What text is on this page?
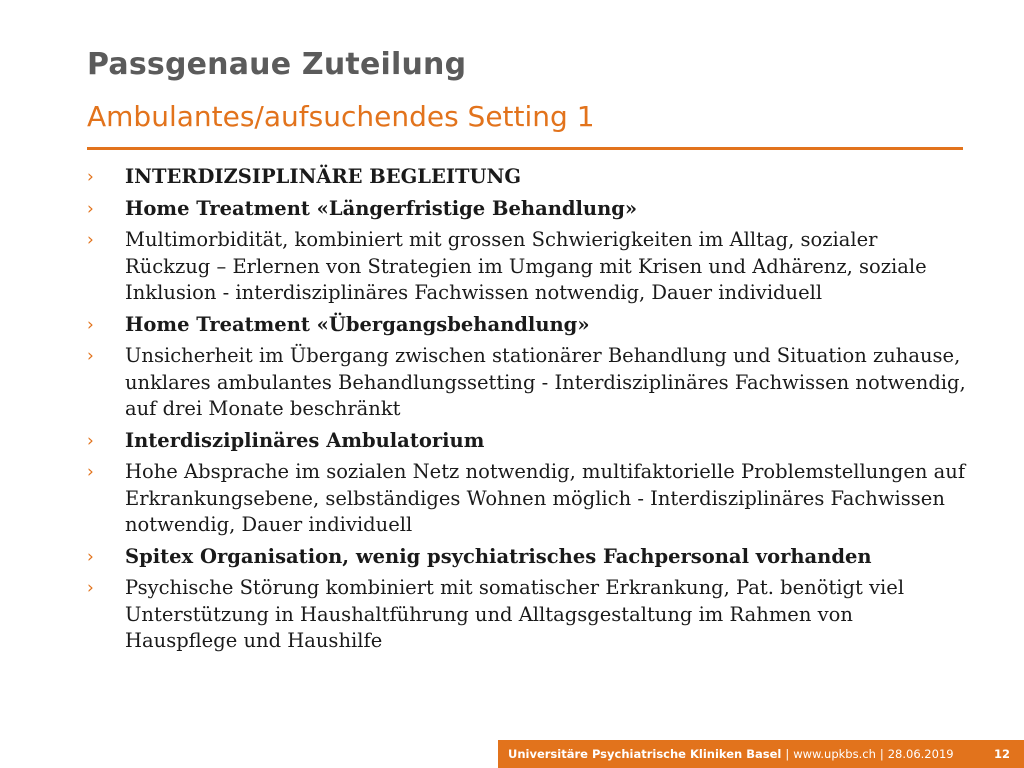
Passgenaue Zuteilung
Ambulantes/aufsuchendes Setting 1
›	INTERDIZSIPLINÄRE BEGLEITUNG
›	Home Treatment «Längerfristige Behandlung»
›	Multimorbidität, kombiniert mit grossen Schwierigkeiten im Alltag, sozialer Rückzug – Erlernen von Strategien im Umgang mit Krisen und Adhärenz, soziale Inklusion - interdisziplinäres Fachwissen notwendig, Dauer individuell
›	Home Treatment «Übergangsbehandlung»
›	Unsicherheit im Übergang zwischen stationärer Behandlung und Situation zuhause, unklares ambulantes Behandlungssetting - Interdisziplinäres Fachwissen notwendig, auf drei Monate beschränkt
›	Interdisziplinäres Ambulatorium
›	Hohe Absprache im sozialen Netz notwendig, multifaktorielle Problemstellungen auf Erkrankungsebene, selbständiges Wohnen möglich - Interdisziplinäres Fachwissen notwendig, Dauer individuell
›	Spitex Organisation, wenig psychiatrisches Fachpersonal vorhanden
›	Psychische Störung kombiniert mit somatischer Erkrankung, Pat. benötigt viel Unterstützung in Haushaltführung und Alltagsgestaltung im Rahmen von Hauspflege und Haushilfe
Universitäre Psychiatrische Kliniken Basel | www.upkbs.ch | 28.06.2019	12
